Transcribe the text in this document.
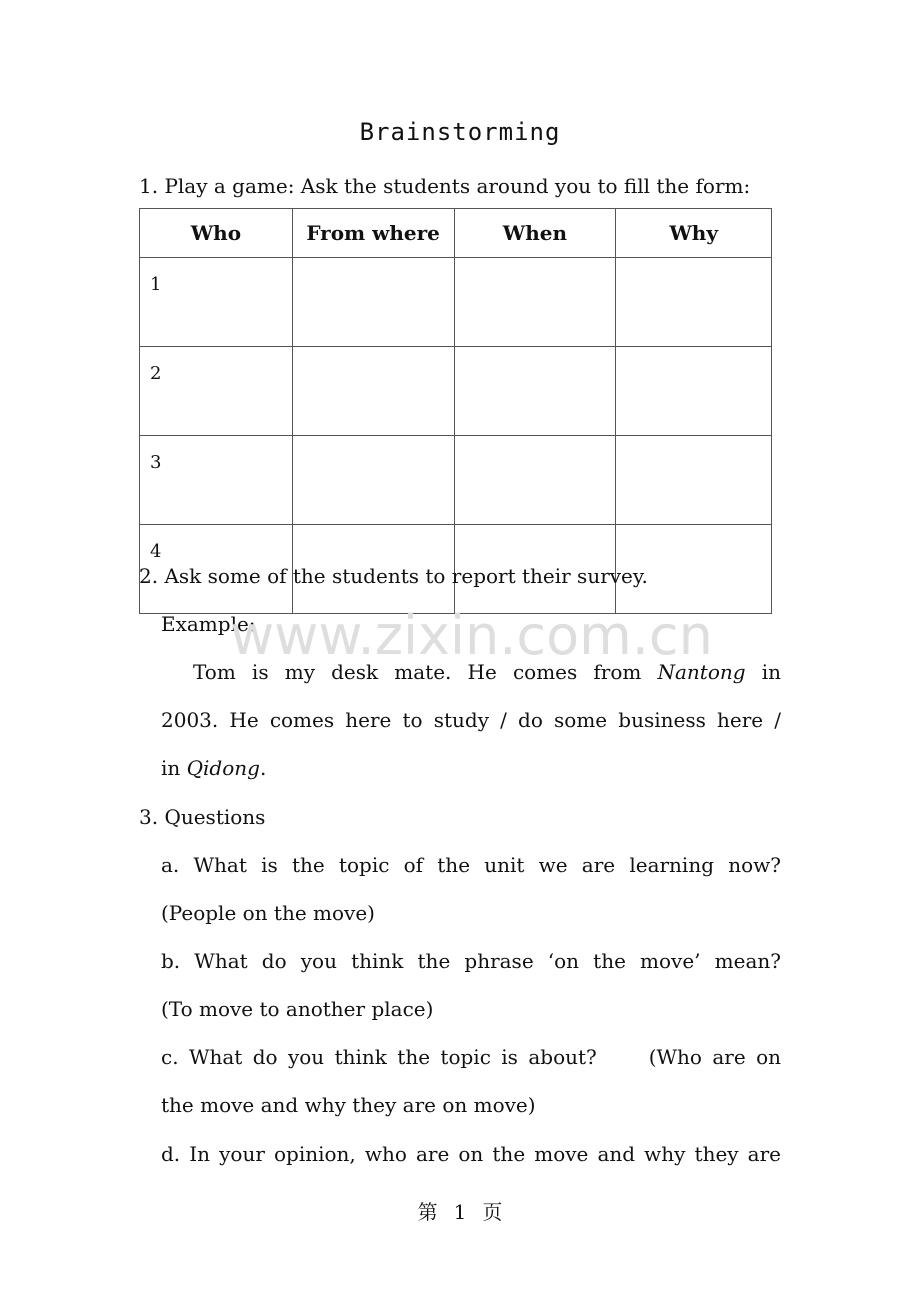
Brainstorming
1. Play a game: Ask the students around you to fill the form:
Who	From where	When	Why
1			
2			
3			
4			
2. Ask some of the students to report their survey.
Example:
www.zixin.com.cn
Tom is my desk mate. He comes from Nantong in
2003. He comes here to study / do some business here /
in Qidong.
3. Questions
a. What is the topic of the unit we are learning now?
(People on the move)
b. What do you think the phrase ‘on the move’ mean?
(To move to another place)
c. What do you think the topic is about?     (Who are on
the move and why they are on move)
d. In your opinion, who are on the move and why they are
第 1 页
